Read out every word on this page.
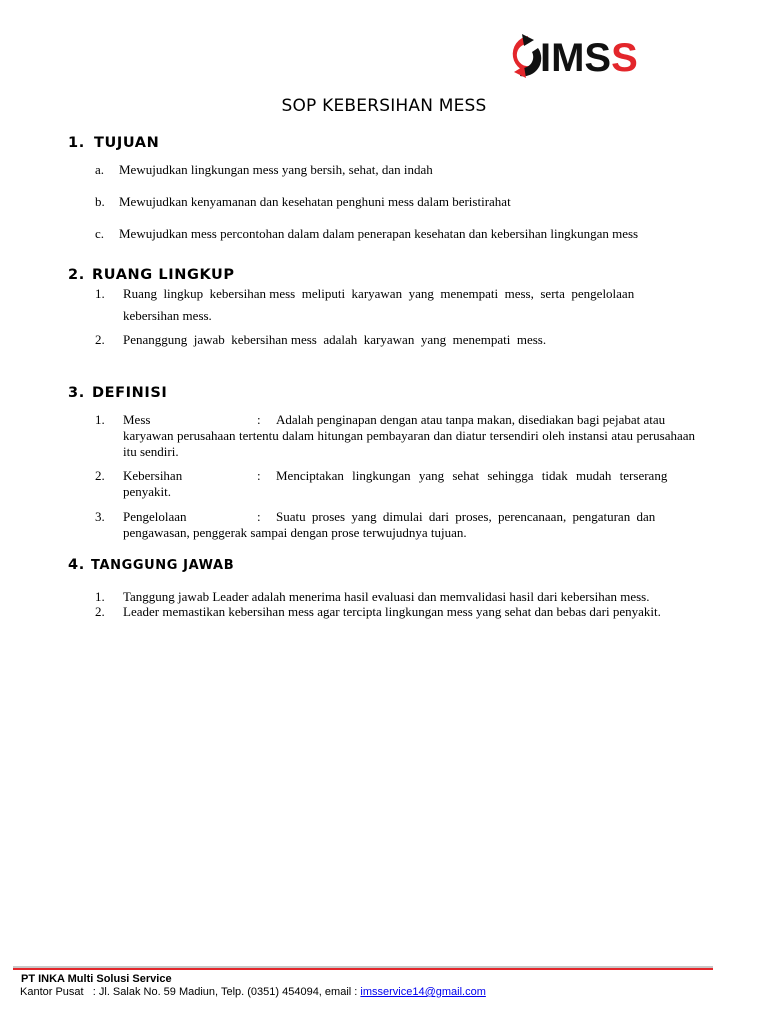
IMSS
SOP KEBERSIHAN MESS
1. TUJUAN
a.	Mewujudkan lingkungan mess yang bersih, sehat, dan indah
b.	Mewujudkan kenyamanan dan kesehatan penghuni mess dalam beristirahat
c.	Mewujudkan mess percontohan dalam dalam penerapan kesehatan dan kebersihan lingkungan mess
2. RUANG LINGKUP
1. Ruang  lingkup  kebersihan mess  meliputi  karyawan  yang  menempati  mess,  serta  pengelolaan
kebersihan mess.
2. Penanggung  jawab  kebersihan mess  adalah  karyawan  yang  menempati  mess.
3. DEFINISI
1. Mess	: Adalah penginapan dengan atau tanpa makan, disediakan bagi pejabat atau
karyawan perusahaan tertentu dalam hitungan pembayaran dan diatur tersendiri oleh instansi atau perusahaan itu sendiri.
2. Kebersihan	: Menciptakan lingkungan yang sehat sehingga tidak mudah terserang
penyakit.
3. Pengelolaan	: Suatu proses yang dimulai dari proses, perencanaan, pengaturan dan
pengawasan, penggerak sampai dengan prose terwujudnya tujuan.
4. TANGGUNG JAWAB
1. Tanggung jawab Leader adalah menerima hasil evaluasi dan memvalidasi hasil dari kebersihan mess.
2. Leader memastikan kebersihan mess agar tercipta lingkungan mess yang sehat dan bebas dari penyakit.
PT INKA Multi Solusi Service
Kantor Pusat   : Jl. Salak No. 59 Madiun, Telp. (0351) 454094, email : imsservice14@gmail.com
